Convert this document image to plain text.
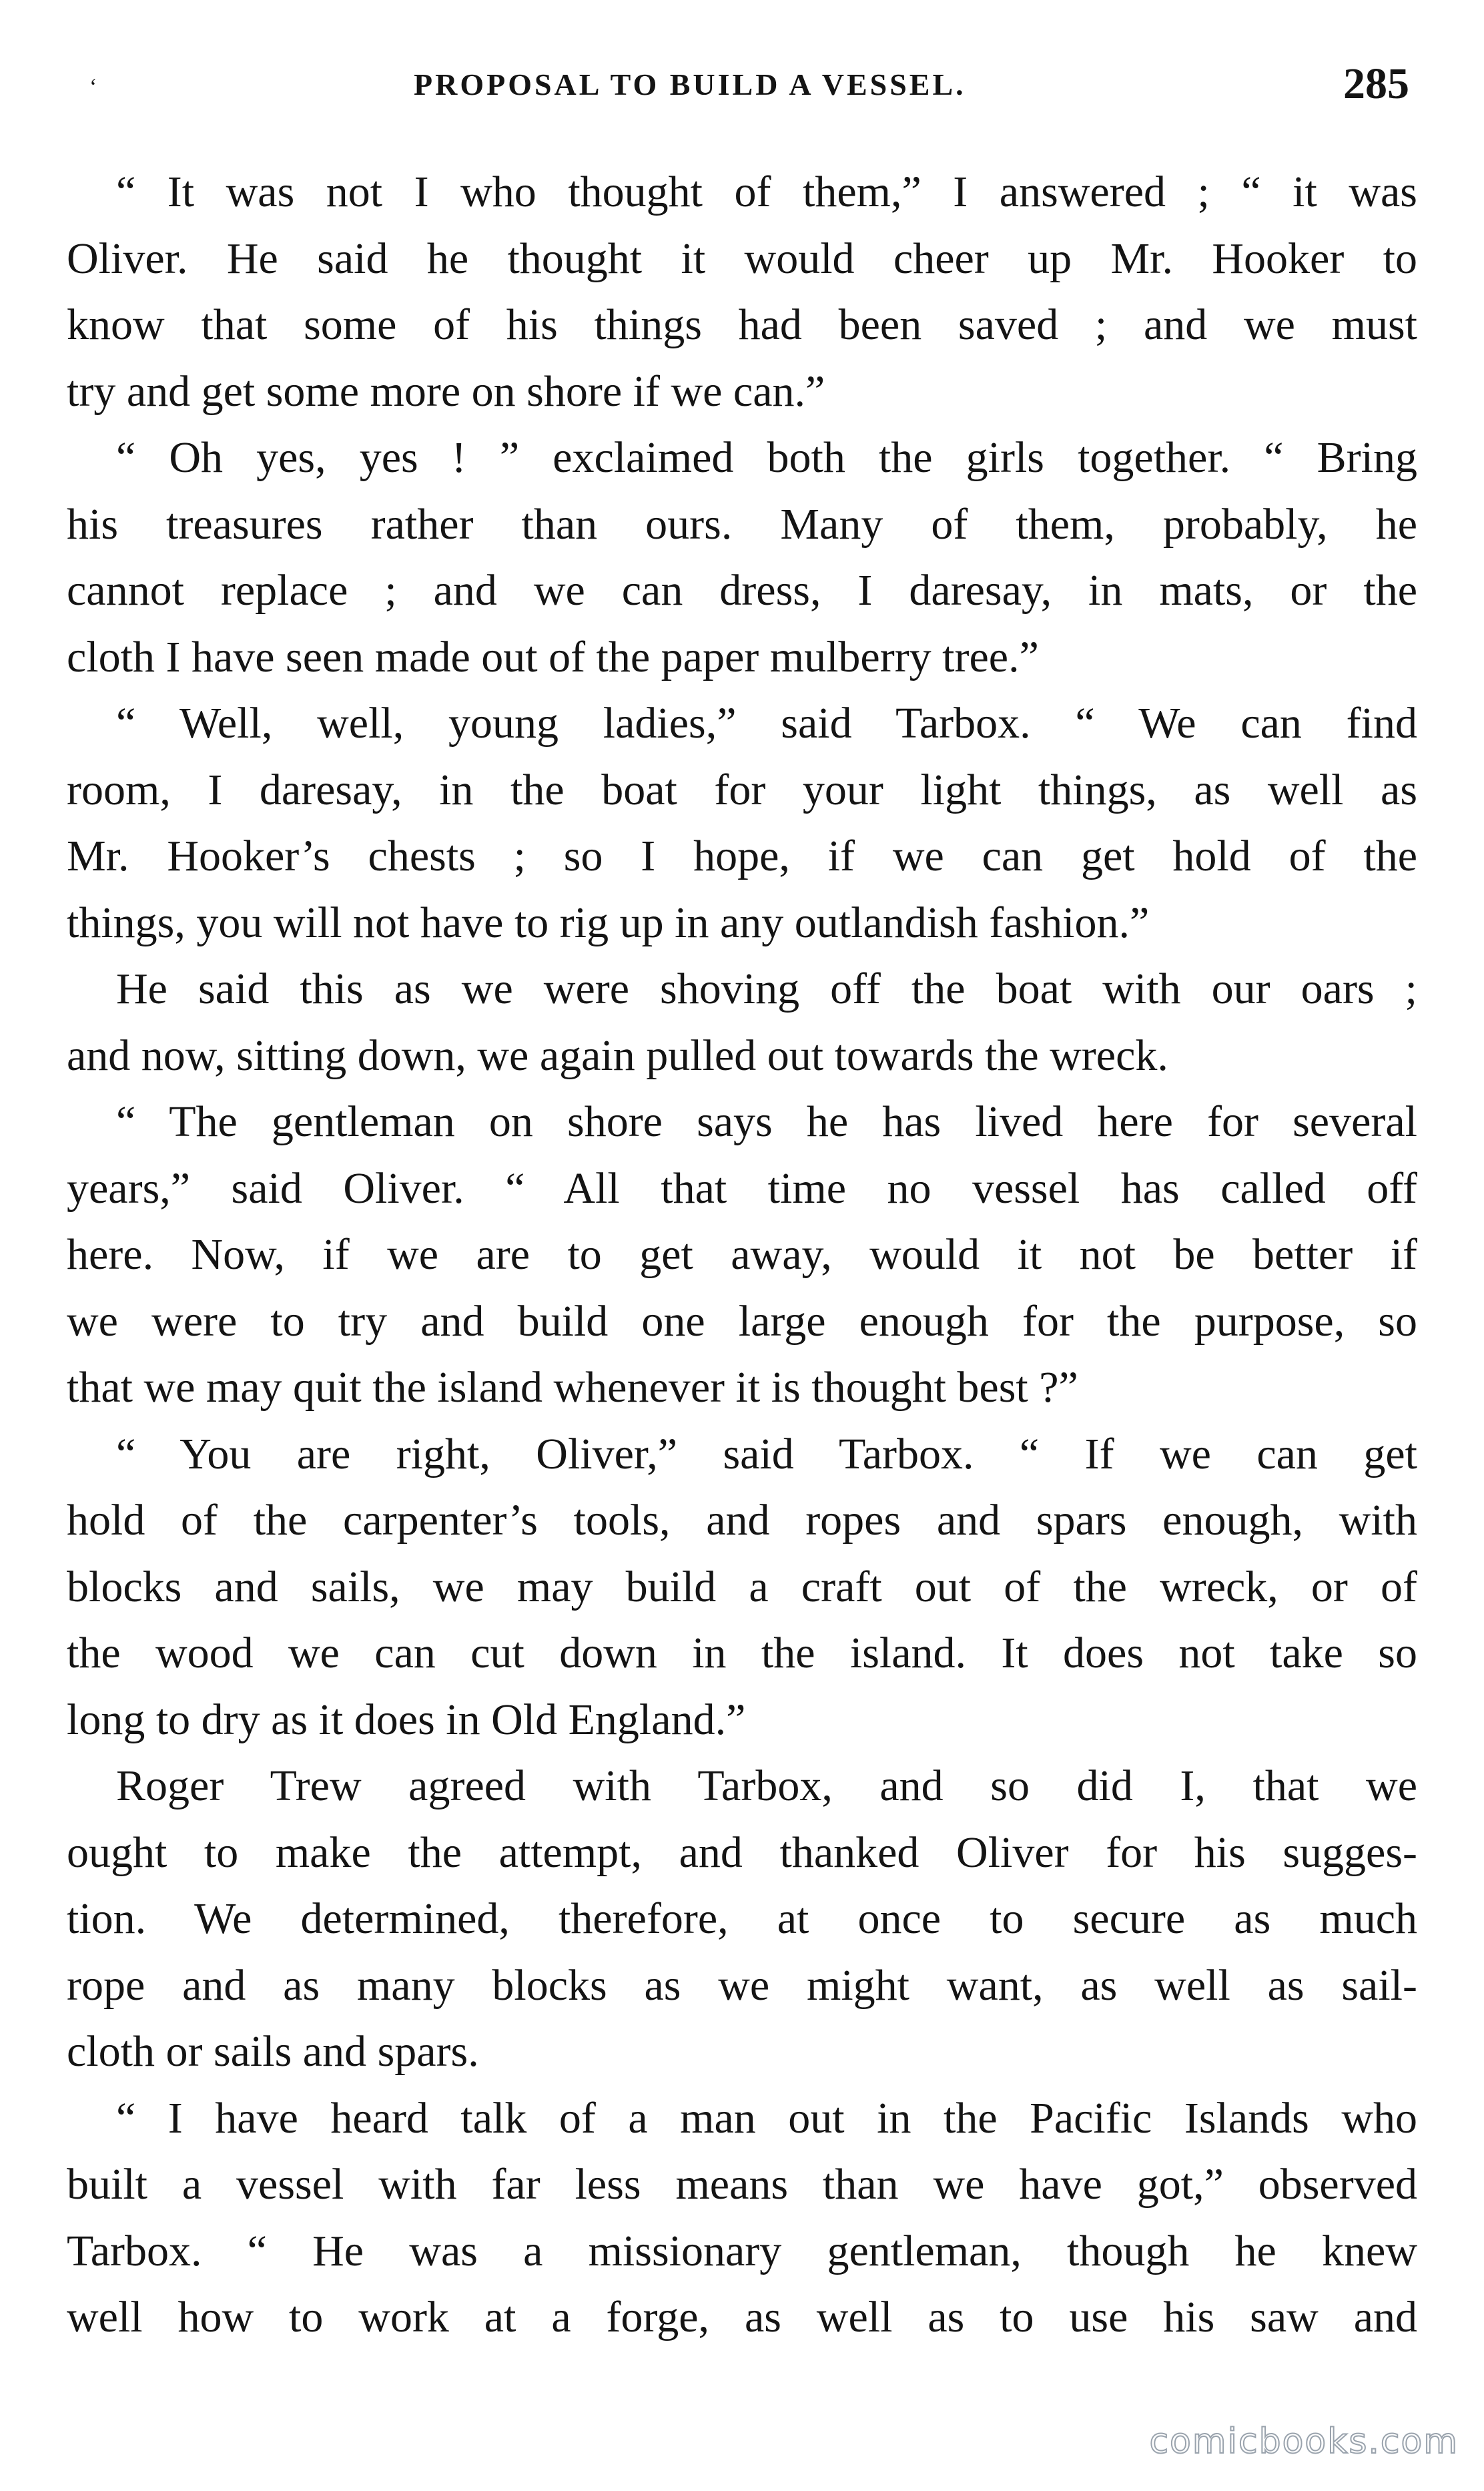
‘	PROPOSAL TO BUILD A VESSEL.	285
“ It was not I who thought of them,” I answered ; “ it was
Oliver. He said he thought it would cheer up Mr. Hooker to
know that some of his things had been saved ; and we must
try and get some more on shore if we can.”
“ Oh yes, yes ! ” exclaimed both the girls together. “ Bring
his treasures rather than ours. Many of them, probably, he
cannot replace ; and we can dress, I daresay, in mats, or the
cloth I have seen made out of the paper mulberry tree.”
“ Well, well, young ladies,” said Tarbox. “ We can find
room, I daresay, in the boat for your light things, as well as
Mr. Hooker’s chests ; so I hope, if we can get hold of the
things, you will not have to rig up in any outlandish fashion.”
He said this as we were shoving off the boat with our oars ;
and now, sitting down, we again pulled out towards the wreck.
“ The gentleman on shore says he has lived here for several
years,” said Oliver. “ All that time no vessel has called off
here. Now, if we are to get away, would it not be better if
we were to try and build one large enough for the purpose, so
that we may quit the island whenever it is thought best ?”
“ You are right, Oliver,” said Tarbox. “ If we can get
hold of the carpenter’s tools, and ropes and spars enough, with
blocks and sails, we may build a craft out of the wreck, or of
the wood we can cut down in the island. It does not take so
long to dry as it does in Old England.”
Roger Trew agreed with Tarbox, and so did I, that we
ought to make the attempt, and thanked Oliver for his sugges-
tion. We determined, therefore, at once to secure as much
rope and as many blocks as we might want, as well as sail-
cloth or sails and spars.
“ I have heard talk of a man out in the Pacific Islands who
built a vessel with far less means than we have got,” observed
Tarbox. “ He was a missionary gentleman, though he knew
well how to work at a forge, as well as to use his saw and
comicbooks.com
